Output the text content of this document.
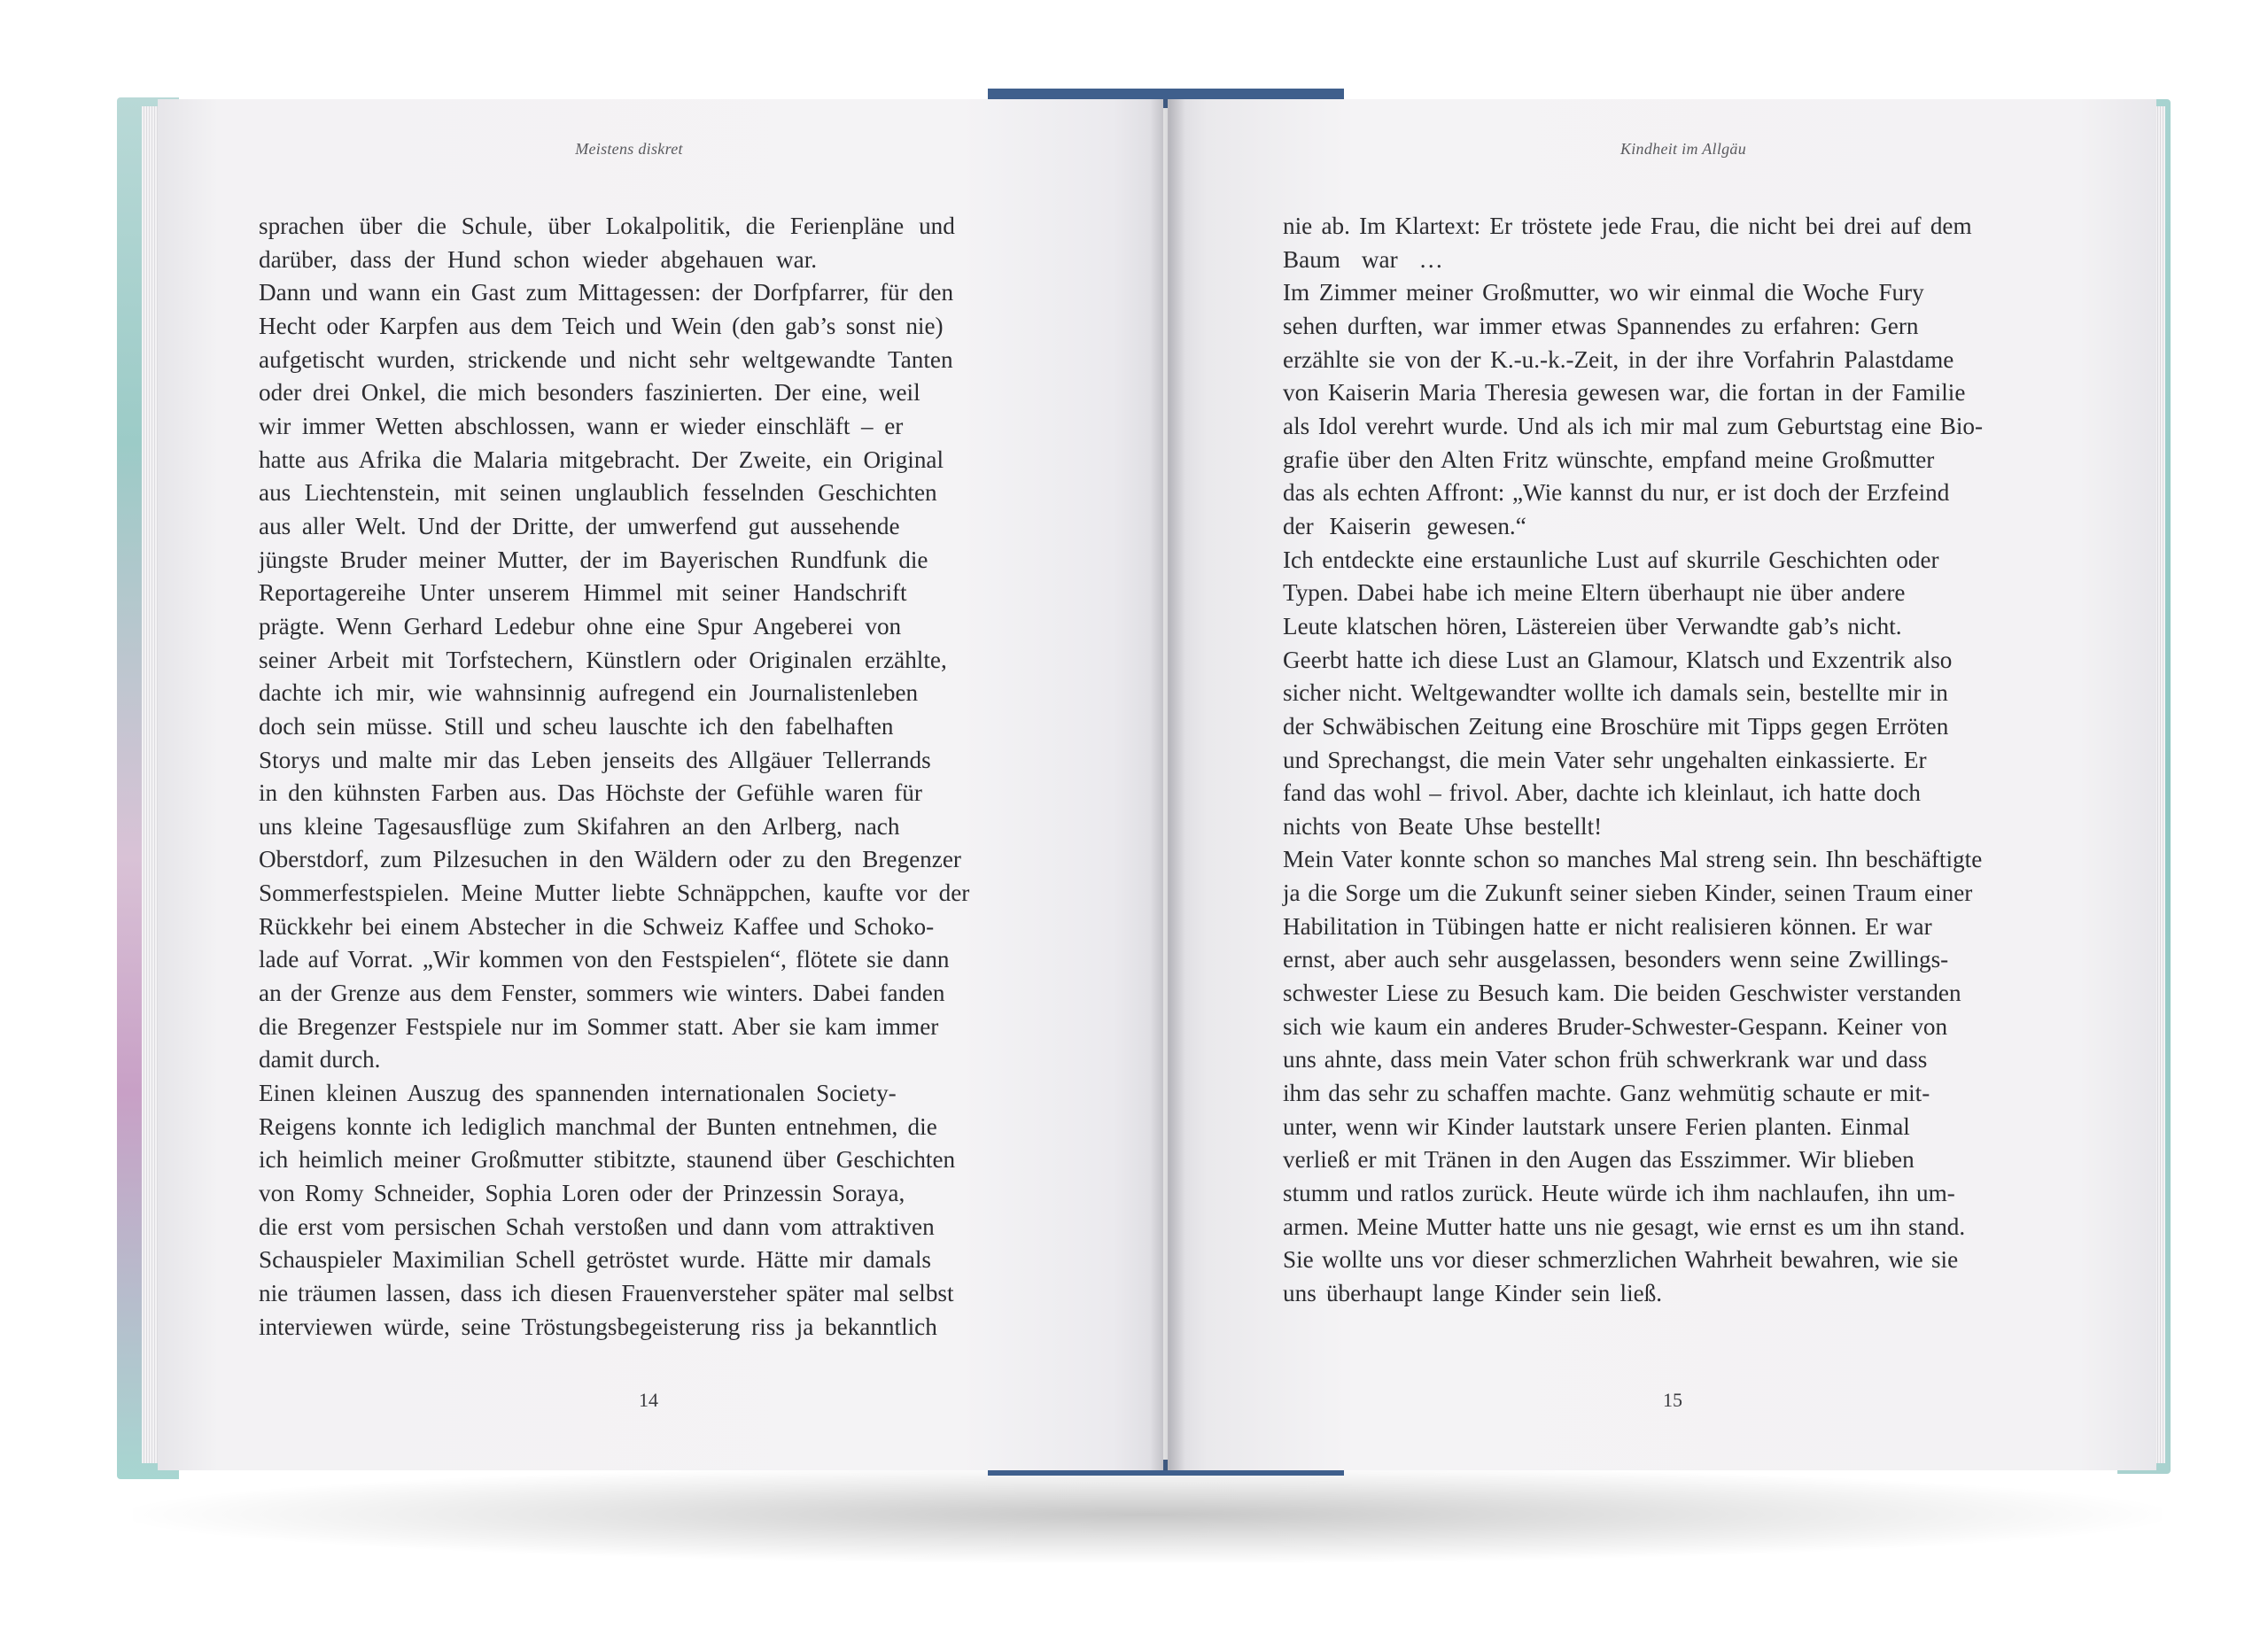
Meistens diskret	Kindheit im Allgäu
sprachen über die Schule, über Lokalpolitik, die Ferienpläne und
darüber, dass der Hund schon wieder abgehauen war.
Dann und wann ein Gast zum Mittagessen: der Dorfpfarrer, für den
Hecht oder Karpfen aus dem Teich und Wein (den gab’s sonst nie)
aufgetischt wurden, strickende und nicht sehr weltgewandte Tanten
oder drei Onkel, die mich besonders faszinierten. Der eine, weil
wir immer Wetten abschlossen, wann er wieder einschläft – er
hatte aus Afrika die Malaria mitgebracht. Der Zweite, ein Original
aus Liechtenstein, mit seinen unglaublich fesselnden Geschichten
aus aller Welt. Und der Dritte, der umwerfend gut aussehende
jüngste Bruder meiner Mutter, der im Bayerischen Rundfunk die
Reportagereihe Unter unserem Himmel mit seiner Handschrift
prägte. Wenn Gerhard Ledebur ohne eine Spur Angeberei von
seiner Arbeit mit Torfstechern, Künstlern oder Originalen erzählte,
dachte ich mir, wie wahnsinnig aufregend ein Journalistenleben
doch sein müsse. Still und scheu lauschte ich den fabelhaften
Storys und malte mir das Leben jenseits des Allgäuer Tellerrands
in den kühnsten Farben aus. Das Höchste der Gefühle waren für
uns kleine Tagesausflüge zum Skifahren an den Arlberg, nach
Oberstdorf, zum Pilzesuchen in den Wäldern oder zu den Bregenzer
Sommerfestspielen. Meine Mutter liebte Schnäppchen, kaufte vor der
Rückkehr bei einem Abstecher in die Schweiz Kaffee und Schoko-
lade auf Vorrat. „Wir kommen von den Festspielen“, flötete sie dann
an der Grenze aus dem Fenster, sommers wie winters. Dabei fanden
die Bregenzer Festspiele nur im Sommer statt. Aber sie kam immer
damit durch.
Einen kleinen Auszug des spannenden internationalen Society-
Reigens konnte ich lediglich manchmal der Bunten entnehmen, die
ich heimlich meiner Großmutter stibitzte, staunend über Geschichten
von Romy Schneider, Sophia Loren oder der Prinzessin Soraya,
die erst vom persischen Schah verstoßen und dann vom attraktiven
Schauspieler Maximilian Schell getröstet wurde. Hätte mir damals
nie träumen lassen, dass ich diesen Frauenversteher später mal selbst
interviewen würde, seine Tröstungsbegeisterung riss ja bekanntlich
nie ab. Im Klartext: Er tröstete jede Frau, die nicht bei drei auf dem
Baum war …
Im Zimmer meiner Großmutter, wo wir einmal die Woche Fury
sehen durften, war immer etwas Spannendes zu erfahren: Gern
erzählte sie von der K.-u.-k.-Zeit, in der ihre Vorfahrin Palastdame
von Kaiserin Maria Theresia gewesen war, die fortan in der Familie
als Idol verehrt wurde. Und als ich mir mal zum Geburtstag eine Bio-
grafie über den Alten Fritz wünschte, empfand meine Großmutter
das als echten Affront: „Wie kannst du nur, er ist doch der Erzfeind
der Kaiserin gewesen.“
Ich entdeckte eine erstaunliche Lust auf skurrile Geschichten oder
Typen. Dabei habe ich meine Eltern überhaupt nie über andere
Leute klatschen hören, Lästereien über Verwandte gab’s nicht.
Geerbt hatte ich diese Lust an Glamour, Klatsch und Exzentrik also
sicher nicht. Weltgewandter wollte ich damals sein, bestellte mir in
der Schwäbischen Zeitung eine Broschüre mit Tipps gegen Erröten
und Sprechangst, die mein Vater sehr ungehalten einkassierte. Er
fand das wohl – frivol. Aber, dachte ich kleinlaut, ich hatte doch
nichts von Beate Uhse bestellt!
Mein Vater konnte schon so manches Mal streng sein. Ihn beschäftigte
ja die Sorge um die Zukunft seiner sieben Kinder, seinen Traum einer
Habilitation in Tübingen hatte er nicht realisieren können. Er war
ernst, aber auch sehr ausgelassen, besonders wenn seine Zwillings-
schwester Liese zu Besuch kam. Die beiden Geschwister verstanden
sich wie kaum ein anderes Bruder-Schwester-Gespann. Keiner von
uns ahnte, dass mein Vater schon früh schwerkrank war und dass
ihm das sehr zu schaffen machte. Ganz wehmütig schaute er mit-
unter, wenn wir Kinder lautstark unsere Ferien planten. Einmal
verließ er mit Tränen in den Augen das Esszimmer. Wir blieben
stumm und ratlos zurück. Heute würde ich ihm nachlaufen, ihn um-
armen. Meine Mutter hatte uns nie gesagt, wie ernst es um ihn stand.
Sie wollte uns vor dieser schmerzlichen Wahrheit bewahren, wie sie
uns überhaupt lange Kinder sein ließ.
14	15
